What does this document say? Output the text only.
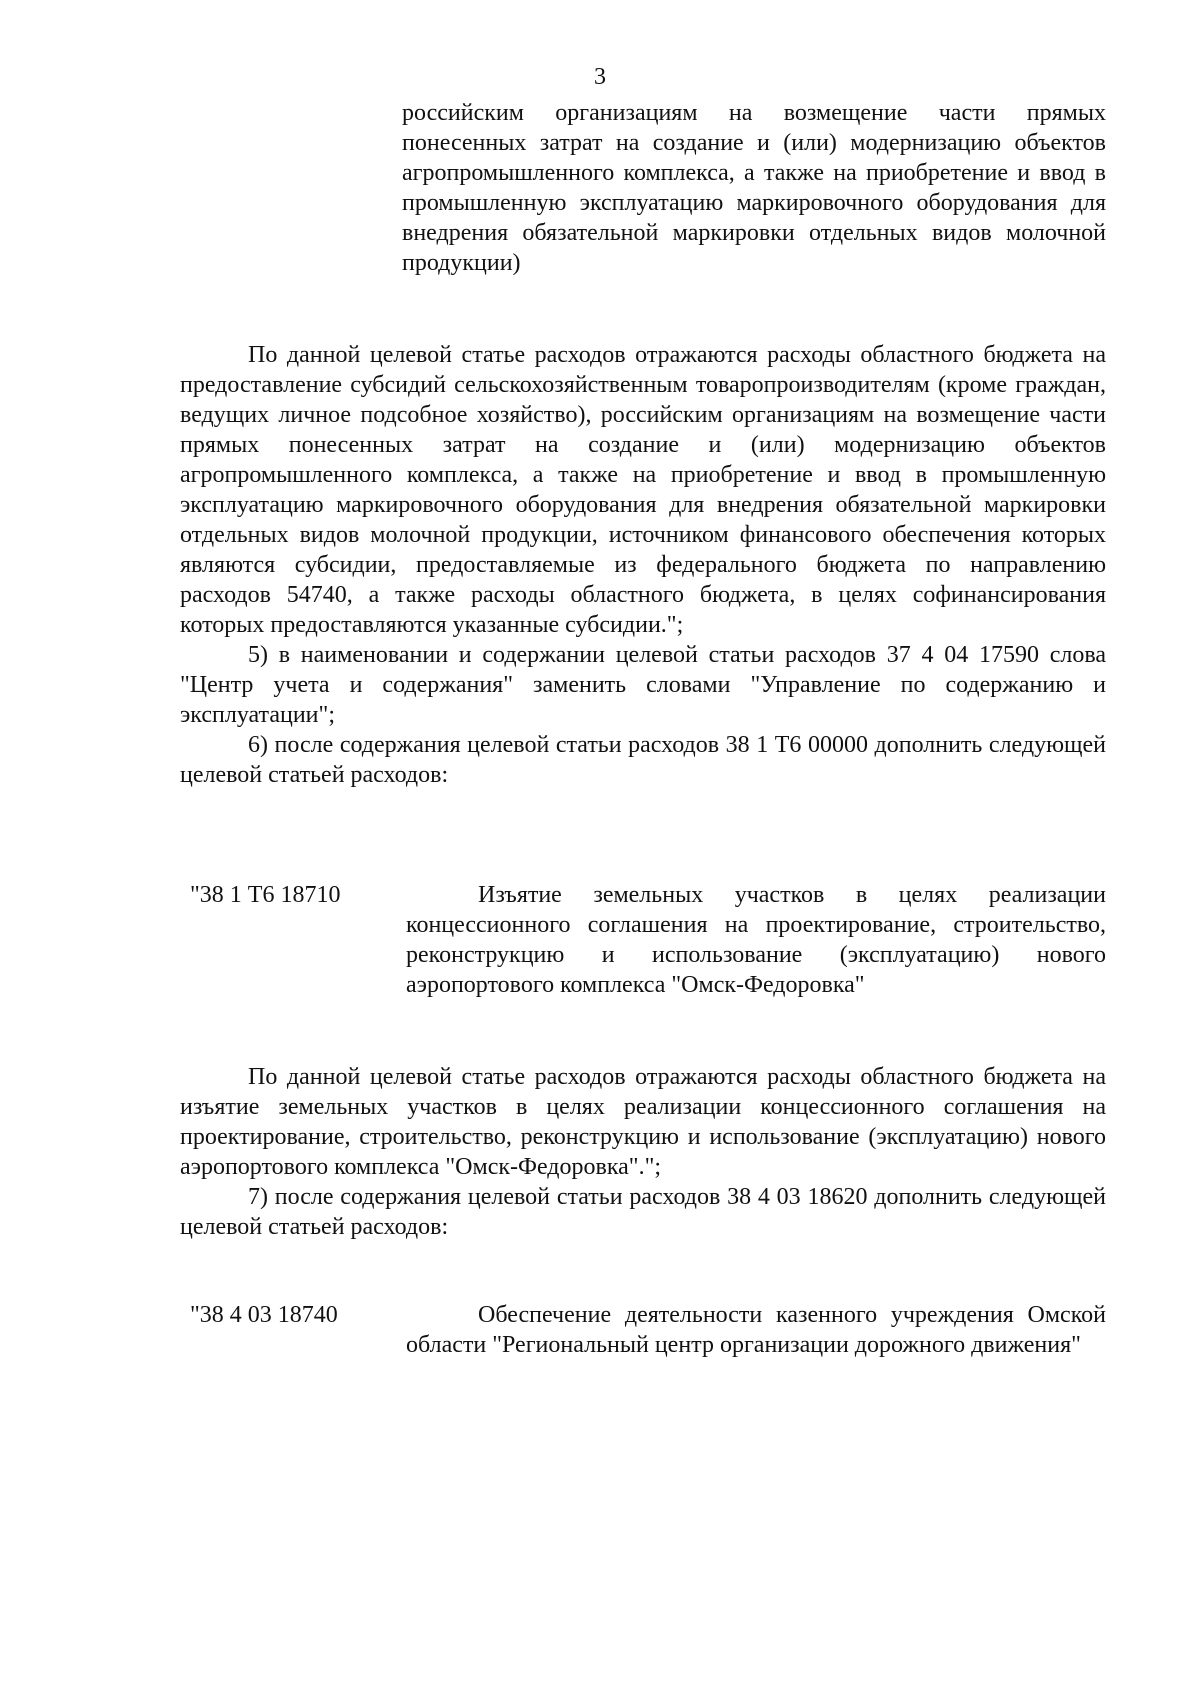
3

российским организациям на возмещение части прямых понесенных затрат на создание и (или) модернизацию объектов агропромышленного комплекса, а также на приобретение и ввод в промышленную эксплуатацию маркировочного оборудования для внедрения обязательной маркировки отдельных видов молочной продукции)

По данной целевой статье расходов отражаются расходы областного бюджета на предоставление субсидий сельскохозяйственным товаропроизводителям (кроме граждан, ведущих личное подсобное хозяйство), российским организациям на возмещение части прямых понесенных затрат на создание и (или) модернизацию объектов агропромышленного комплекса, а также на приобретение и ввод в промышленную эксплуатацию маркировочного оборудования для внедрения обязательной маркировки отдельных видов молочной продукции, источником финансового обеспечения которых являются субсидии, предоставляемые из федерального бюджета по направлению расходов 54740, а также расходы областного бюджета, в целях софинансирования которых предоставляются указанные субсидии.";

5) в наименовании и содержании целевой статьи расходов 37 4 04 17590 слова "Центр учета и содержания" заменить словами "Управление по содержанию и эксплуатации";

6) после содержания целевой статьи расходов 38 1 Т6 00000 дополнить следующей целевой статьей расходов:

"38 1 Т6 18710	Изъятие земельных участков в целях реализации концессионного соглашения на проектирование, строительство, реконструкцию и использование (эксплуатацию) нового аэропортового комплекса "Омск-Федоровка"

По данной целевой статье расходов отражаются расходы областного бюджета на изъятие земельных участков в целях реализации концессионного соглашения на проектирование, строительство, реконструкцию и использование (эксплуатацию) нового аэропортового комплекса "Омск-Федоровка".";

7) после содержания целевой статьи расходов 38 4 03 18620 дополнить следующей целевой статьей расходов:

"38 4 03 18740	Обеспечение деятельности казенного учреждения Омской области "Региональный центр организации дорожного движения"
